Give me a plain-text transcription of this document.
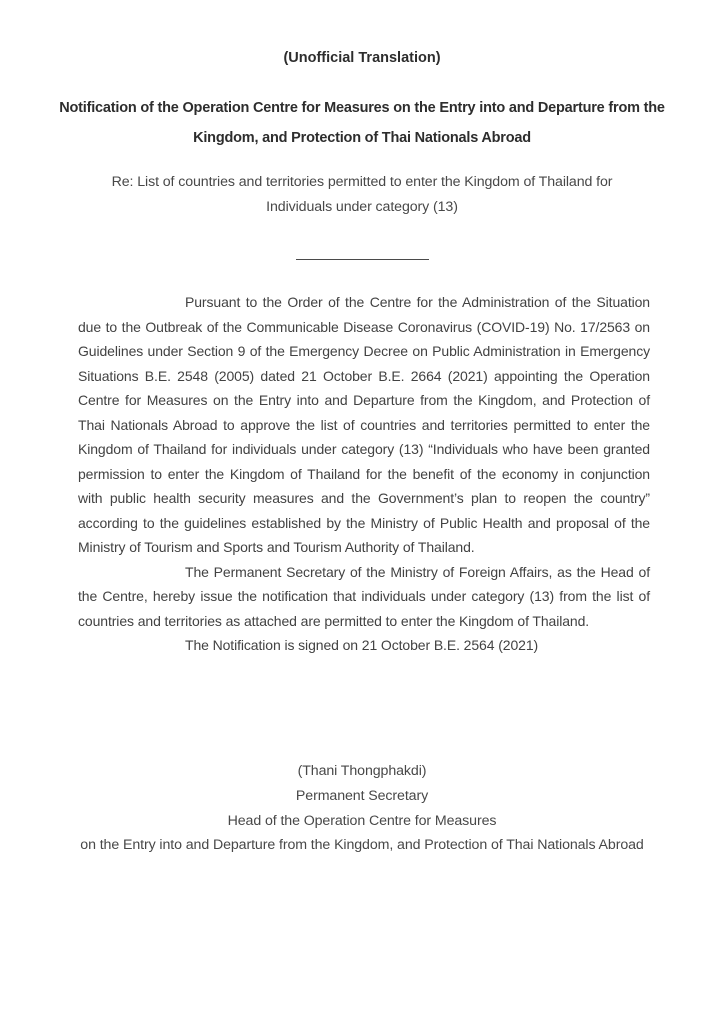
(Unofficial Translation)
Notification of the Operation Centre for Measures on the Entry into and Departure from the
Kingdom, and Protection of Thai Nationals Abroad
Re: List of countries and territories permitted to enter the Kingdom of Thailand for
Individuals under category (13)

Pursuant to the Order of the Centre for the Administration of the Situation due to the Outbreak of the Communicable Disease Coronavirus (COVID-19) No. 17/2563 on Guidelines under Section 9 of the Emergency Decree on Public Administration in Emergency Situations B.E. 2548 (2005) dated 21 October B.E. 2664 (2021) appointing the Operation Centre for Measures on the Entry into and Departure from the Kingdom, and Protection of Thai Nationals Abroad to approve the list of countries and territories permitted to enter the Kingdom of Thailand for individuals under category (13) “Individuals who have been granted permission to enter the Kingdom of Thailand for the benefit of the economy in conjunction with public health security measures and the Government’s plan to reopen the country” according to the guidelines established by the Ministry of Public Health and proposal of the Ministry of Tourism and Sports and Tourism Authority of Thailand.

The Permanent Secretary of the Ministry of Foreign Affairs, as the Head of the Centre, hereby issue the notification that individuals under category (13) from the list of countries and territories as attached are permitted to enter the Kingdom of Thailand.

The Notification is signed on 21 October B.E. 2564 (2021)

(Thani Thongphakdi)
Permanent Secretary
Head of the Operation Centre for Measures
on the Entry into and Departure from the Kingdom, and Protection of Thai Nationals Abroad
